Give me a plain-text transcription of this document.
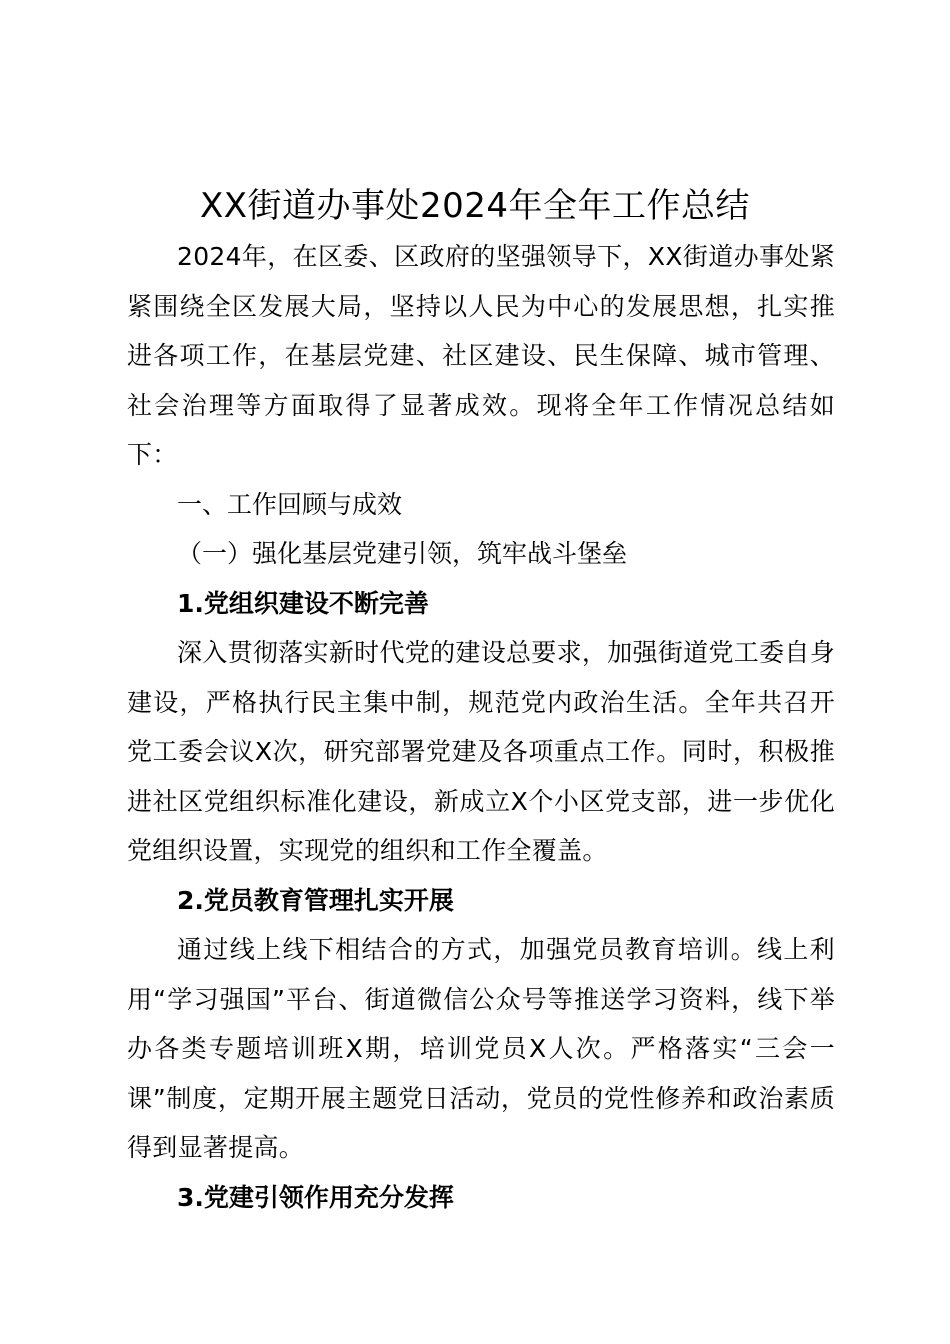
XX街道办事处2024年全年工作总结

2024年，在区委、区政府的坚强领导下，XX街道办事处紧紧围绕全区发展大局，坚持以人民为中心的发展思想，扎实推进各项工作，在基层党建、社区建设、民生保障、城市管理、社会治理等方面取得了显著成效。现将全年工作情况总结如下：

一、工作回顾与成效

（一）强化基层党建引领，筑牢战斗堡垒

1.党组织建设不断完善

深入贯彻落实新时代党的建设总要求，加强街道党工委自身建设，严格执行民主集中制，规范党内政治生活。全年共召开党工委会议X次，研究部署党建及各项重点工作。同时，积极推进社区党组织标准化建设，新成立X个小区党支部，进一步优化党组织设置，实现党的组织和工作全覆盖。

2.党员教育管理扎实开展

通过线上线下相结合的方式，加强党员教育培训。线上利用“学习强国”平台、街道微信公众号等推送学习资料，线下举办各类专题培训班X期，培训党员X人次。严格落实“三会一课”制度，定期开展主题党日活动，党员的党性修养和政治素质得到显著提高。

3.党建引领作用充分发挥
